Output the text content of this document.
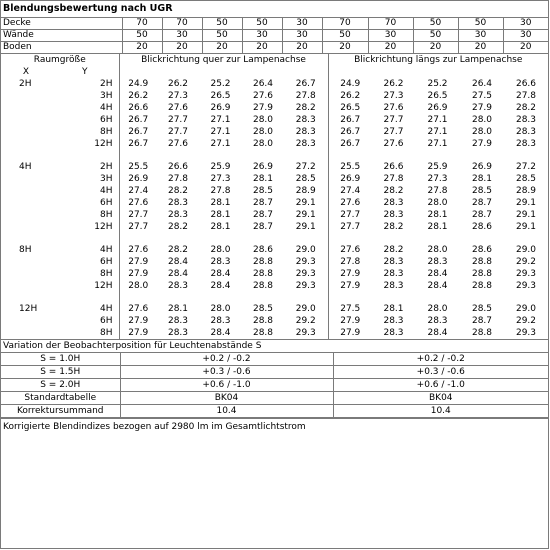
Blendungsbewertung nach UGR
Decke	70	70	50	50	30	70	70	50	50	30
Wände	50	30	50	30	30	50	30	50	30	30
Boden	20	20	20	20	20	20	20	20	20	20
Raumgröße		Blickrichtung quer zur Lampenachse					Blickrichtung längs zur Lampenachse				
X	Y										
2H	2H	24.9	26.2	25.2	26.4	26.7	24.9	26.2	25.2	26.4	26.6
	3H	26.2	27.3	26.5	27.6	27.8	26.2	27.3	26.5	27.5	27.8
	4H	26.6	27.6	26.9	27.9	28.2	26.5	27.6	26.9	27.9	28.2
	6H	26.7	27.7	27.1	28.0	28.3	26.7	27.7	27.1	28.0	28.3
	8H	26.7	27.7	27.1	28.0	28.3	26.7	27.7	27.1	28.0	28.3
	12H	26.7	27.6	27.1	28.0	28.3	26.7	27.6	27.1	27.9	28.3

4H	2H	25.5	26.6	25.9	26.9	27.2	25.5	26.6	25.9	26.9	27.2
	3H	26.9	27.8	27.3	28.1	28.5	26.9	27.8	27.3	28.1	28.5
	4H	27.4	28.2	27.8	28.5	28.9	27.4	28.2	27.8	28.5	28.9
	6H	27.6	28.3	28.1	28.7	29.1	27.6	28.3	28.0	28.7	29.1
	8H	27.7	28.3	28.1	28.7	29.1	27.7	28.3	28.1	28.7	29.1
	12H	27.7	28.2	28.1	28.7	29.1	27.7	28.2	28.1	28.6	29.1

8H	4H	27.6	28.2	28.0	28.6	29.0	27.6	28.2	28.0	28.6	29.0
	6H	27.9	28.4	28.3	28.8	29.3	27.8	28.3	28.3	28.8	29.2
	8H	27.9	28.4	28.4	28.8	29.3	27.9	28.3	28.4	28.8	29.3
	12H	28.0	28.3	28.4	28.8	29.3	27.9	28.3	28.4	28.8	29.3

12H	4H	27.6	28.1	28.0	28.5	29.0	27.5	28.1	28.0	28.5	29.0
	6H	27.9	28.3	28.3	28.8	29.2	27.9	28.3	28.3	28.7	29.2
	8H	27.9	28.3	28.4	28.8	29.3	27.9	28.3	28.4	28.8	29.3
Variation der Beobachterposition für Leuchtenabstände S		
S = 1.0H	+0.2 / -0.2	+0.2 / -0.2
S = 1.5H	+0.3 / -0.6	+0.3 / -0.6
S = 2.0H	+0.6 / -1.0	+0.6 / -1.0
Standardtabelle	BK04	BK04
Korrektursummand	10.4	10.4
Korrigierte Blendindizes bezogen auf 2980 lm im Gesamtlichtstrom
